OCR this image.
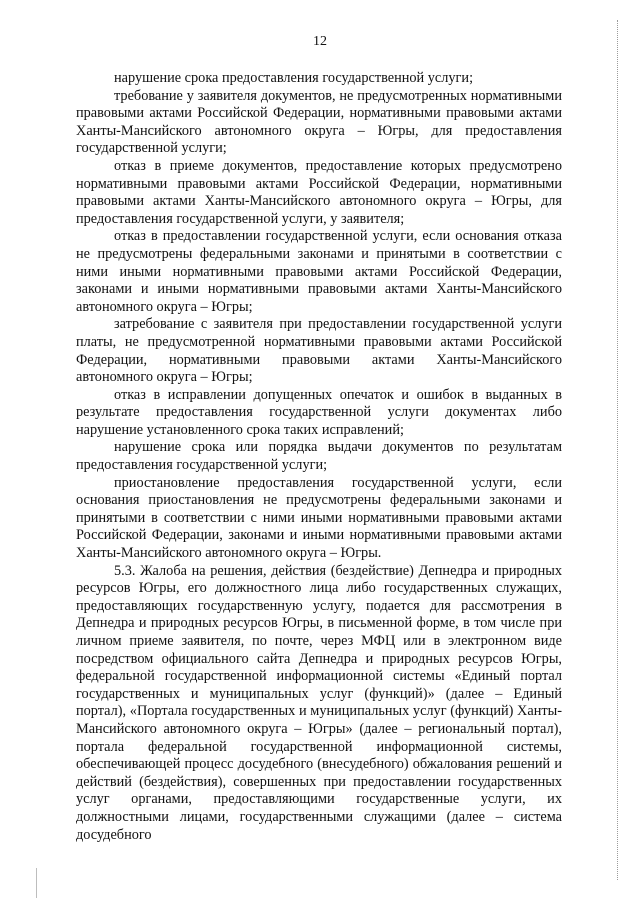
12

нарушение срока предоставления государственной услуги;

требование у заявителя документов, не предусмотренных нормативными правовыми актами Российской Федерации, нормативными правовыми актами Ханты-Мансийского автономного округа – Югры, для предоставления государственной услуги;

отказ в приеме документов, предоставление которых предусмотрено нормативными правовыми актами Российской Федерации, нормативными правовыми актами Ханты-Мансийского автономного округа – Югры, для предоставления государственной услуги, у заявителя;

отказ в предоставлении государственной услуги, если основания отказа не предусмотрены федеральными законами и принятыми в соответствии с ними иными нормативными правовыми актами Российской Федерации, законами и иными нормативными правовыми актами Ханты-Мансийского автономного округа – Югры;

затребование с заявителя при предоставлении государственной услуги платы, не предусмотренной нормативными правовыми актами Российской Федерации, нормативными правовыми актами Ханты-Мансийского автономного округа – Югры;

отказ в исправлении допущенных опечаток и ошибок в выданных в результате предоставления государственной услуги документах либо нарушение установленного срока таких исправлений;

нарушение срока или порядка выдачи документов по результатам предоставления государственной услуги;

приостановление предоставления государственной услуги, если основания приостановления не предусмотрены федеральными законами и принятыми в соответствии с ними иными нормативными правовыми актами Российской Федерации, законами и иными нормативными правовыми актами Ханты-Мансийского автономного округа – Югры.

5.3. Жалоба на решения, действия (бездействие) Депнедра и природных ресурсов Югры, его должностного лица либо государственных служащих, предоставляющих государственную услугу, подается для рассмотрения в Депнедра и природных ресурсов Югры, в письменной форме, в том числе при личном приеме заявителя, по почте, через МФЦ или в электронном виде посредством официального сайта Депнедра и природных ресурсов Югры, федеральной государственной информационной системы «Единый портал государственных и муниципальных услуг (функций)» (далее – Единый портал), «Портала государственных и муниципальных услуг (функций) Ханты-Мансийского автономного округа – Югры» (далее – региональный портал), портала федеральной государственной информационной системы, обеспечивающей процесс досудебного (внесудебного) обжалования решений и действий (бездействия), совершенных при предоставлении государственных услуг органами, предоставляющими государственные услуги, их должностными лицами, государственными служащими (далее – система досудебного
